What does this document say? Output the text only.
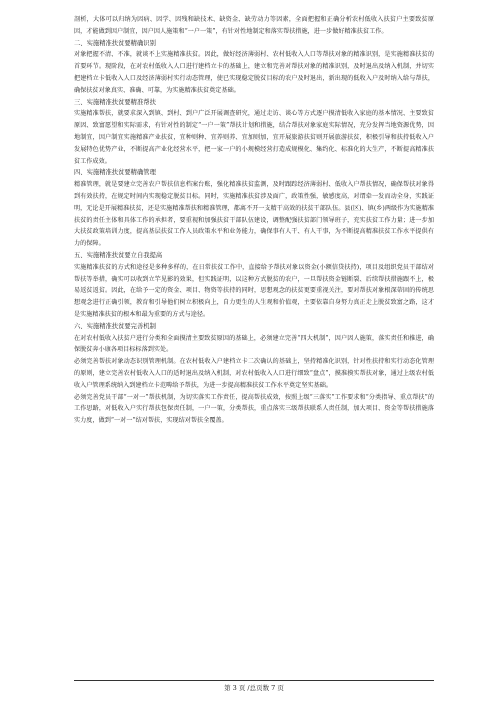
剖析，大体可以归纳为因病、因学、因残和缺技术、缺资金、缺劳动力等因素，全面把握和正确分析农村低收入扶贫户主要致贫原因，才能做到因户制宜，因户因人施策和“一户一策”，有针对性地制定和落实帮扶措施，进一步做好精准扶贫工作。

二、实施精准扶贫要精确识别

对象把握不清、不准，就谈不上实施精准扶贫。因此，做好经济薄弱村、农村低收入人口等帮扶对象的精准识别，是实施精准扶贫的首要环节。现阶段，在对农村低收入人口进行建档立卡的基础上，建立和完善对帮扶对象的精准识别，及时退出及纳入机制，并切实把建档立卡低收入人口及经济薄弱村实行动态管理，使已实现稳定脱贫目标的农户及时退出，新出现的低收入户及时纳入给与帮扶，确保扶贫对象真实、准确、可靠，为实施精准扶贫奠定基础。

三、实施精准扶贫要精准帮扶

实施精准帮扶，就要求深入到镇、到村、到户广泛开展调查研究，通过走访、谈心等方式逐户摸清低收入家庭的基本情况、主要致贫原因、致富愿望和实际需求，有针对性的制定“一户一策”帮扶计划和措施，结合帮扶对象家庭实际情况，充分发挥当地资源优势，因地制宜，因户制宜实施精准产业扶贫，宜种则种、宜养则养、宜加则加，宜开展旅游扶贫则开展旅游扶贫，积极引导和扶持低收入户发展特色优势产业，不断提高产业化经营水平，把一家一户的小规模经营打造成规模化、集约化、标准化的大生产，不断提高精准扶贫工作成效。

四、实施精准扶贫要精确管理

精准管理，就是要建立完善农户帮扶信息档案台账，强化精准扶贫监测，及时跟踪经济薄弱村、低收入户帮扶情况，确保帮扶对象得到有效扶持，在规定时间内实现稳定脱贫目标。同时，实施精准扶贫涉及面广，政策性强，敏感度高，对谓牵一发而动全身，实践证明，无论是开展精准扶贫，还是实施精准帮扶和精准管理，都离不开一支精干高效的扶贫干部队伍。县(区)、镇(乡)两级作为实施精准扶贫的责任主体和具体工作的承担者，要重视和加强扶贫干部队伍建设，调整配强扶贫部门领导班子，充实扶贫工作力量；进一步加大扶贫政策培训力度，提高基层扶贫工作人员政策水平和业务能力，确保事有人干、有人干事，为不断提高精准扶贫工作水平提供有力的保障。

五、实施精准扶贫要立自我提高

实施精准扶贫的方式和途径是多种多样的，在日常扶贫工作中，直接给予帮扶对象以资金(小额信贷扶持)，项目及组织党员干部结对帮扶等举措，确实可以收到立竿见影的效果，但实践证明，以这种方式脱贫的农户，一旦帮扶资金链断裂、后续帮扶措施跟不上，极易返贫返贫。因此，在给予一定的资金、项目、物资等扶持的同时，思想观念的扶贫更要重视关注，要对帮扶对象根深蒂固的传统思想观念进行正确引领，教育和引导他们树立积极向上，自力更生的人生观和价值观，主要依靠自身努力真正走上脱贫致富之路，这才是实施精准扶贫的根本和最为重要的方式与途径。

六、实施精准扶贫要完善机制

在对农村低收入扶贫户进行分类和全面摸清主要致贫原因的基础上，必须建立完善“四大机制”，因户因人施策，落实责任和推进，确保脱贫奔小康各项目标标落到实处。

必须完善帮扶对象动态识别管理机制。在农村低收入户建档立卡二次确认的基础上，坚持精准化识别，针对性扶持和实行动态化管理的原则，建立完善农村低收入人口的适时退出及纳入机制，对农村低收入人口进行细致“盘点”，摸准摸实帮扶对象，通过上级农村低收入户管理系统纳入到建档立卡范畴给予帮扶，为进一步提高精准扶贫工作水平奠定坚实基础。

必须完善党员干部“一对一”帮扶机制，为切实落实工作责任，提高帮扶成效，按照上级“三落实”工作要求和“分类指导、重点帮扶”的工作思路，对低收入户实行帮扶包保责任制，一户一策，分类帮扶，重点落实三级帮扶联系人责任制，加大项目、资金等帮扶措施落实力度，做到“一对一”结对帮扶，实现结对帮扶全覆盖。

第 3 页 /总页数 7 页
